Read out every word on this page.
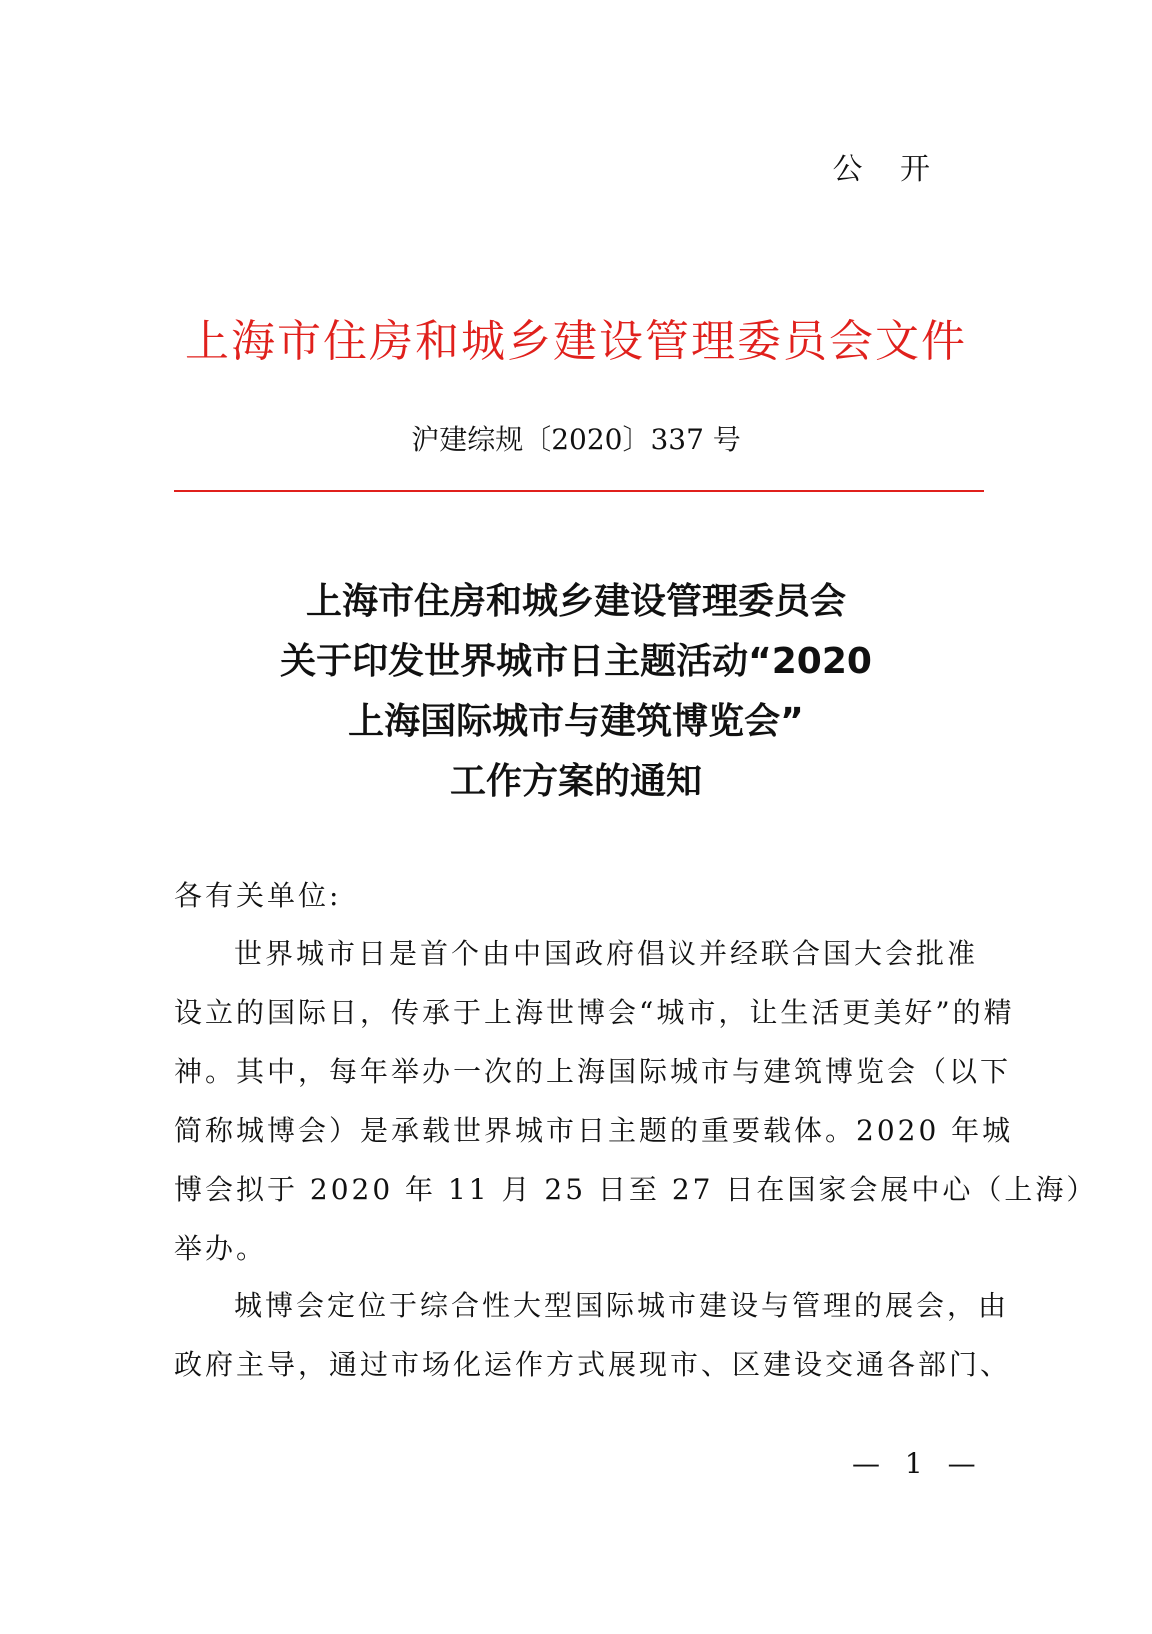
公 开
上海市住房和城乡建设管理委员会文件
沪建综规〔2020〕337 号
上海市住房和城乡建设管理委员会
关于印发世界城市日主题活动“2020
上海国际城市与建筑博览会”
工作方案的通知
各有关单位:
世界城市日是首个由中国政府倡议并经联合国大会批准
设立的国际日，传承于上海世博会“城市，让生活更美好”的精
神。其中，每年举办一次的上海国际城市与建筑博览会（以下
简称城博会）是承载世界城市日主题的重要载体。2020 年城
博会拟于 2020 年 11 月 25 日至 27 日在国家会展中心（上海）
举办。
城博会定位于综合性大型国际城市建设与管理的展会，由
政府主导，通过市场化运作方式展现市、区建设交通各部门、
— 1 —
